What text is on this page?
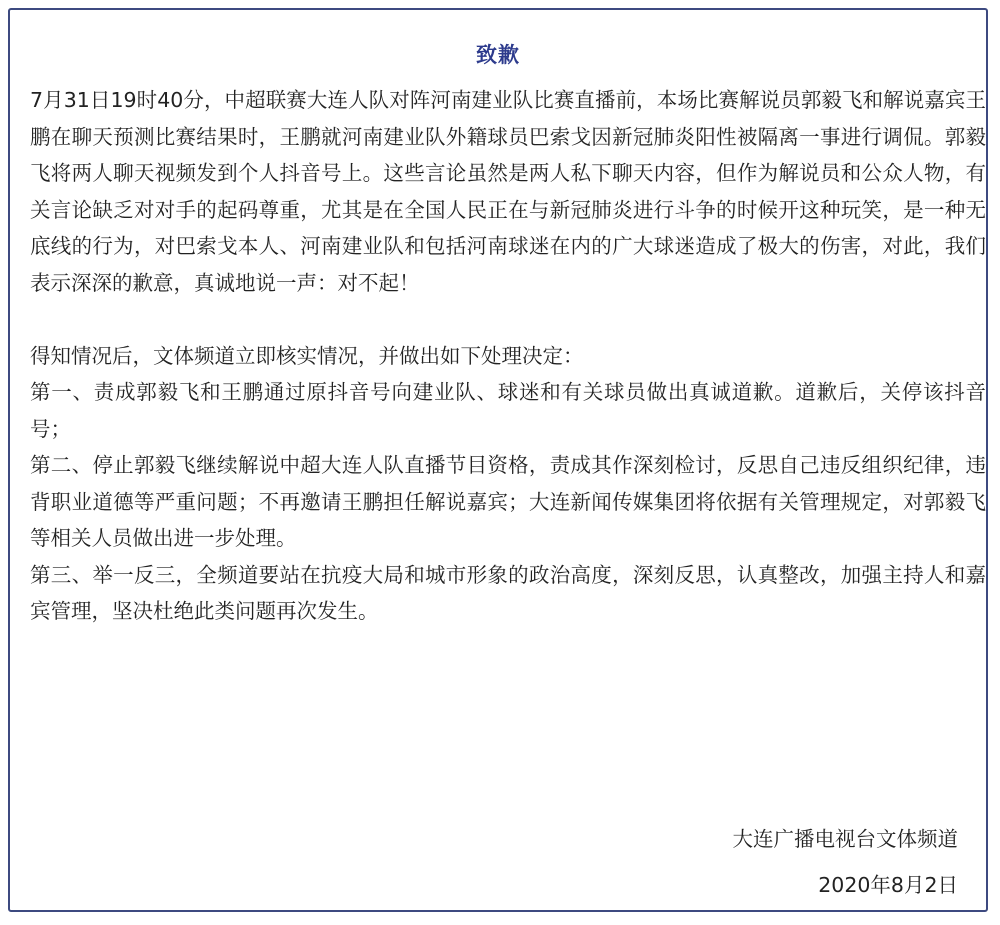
致歉

7月31日19时40分，中超联赛大连人队对阵河南建业队比赛直播前，本场比赛解说员郭毅飞和解说嘉宾王鹏在聊天预测比赛结果时，王鹏就河南建业队外籍球员巴索戈因新冠肺炎阳性被隔离一事进行调侃。郭毅飞将两人聊天视频发到个人抖音号上。这些言论虽然是两人私下聊天内容，但作为解说员和公众人物，有关言论缺乏对对手的起码尊重，尤其是在全国人民正在与新冠肺炎进行斗争的时候开这种玩笑，是一种无底线的行为，对巴索戈本人、河南建业队和包括河南球迷在内的广大球迷造成了极大的伤害，对此，我们表示深深的歉意，真诚地说一声：对不起！

得知情况后，文体频道立即核实情况，并做出如下处理决定：

第一、责成郭毅飞和王鹏通过原抖音号向建业队、球迷和有关球员做出真诚道歉。道歉后，关停该抖音号；

第二、停止郭毅飞继续解说中超大连人队直播节目资格，责成其作深刻检讨，反思自己违反组织纪律，违背职业道德等严重问题；不再邀请王鹏担任解说嘉宾；大连新闻传媒集团将依据有关管理规定，对郭毅飞等相关人员做出进一步处理。

第三、举一反三，全频道要站在抗疫大局和城市形象的政治高度，深刻反思，认真整改，加强主持人和嘉宾管理，坚决杜绝此类问题再次发生。

大连广播电视台文体频道
2020年8月2日
